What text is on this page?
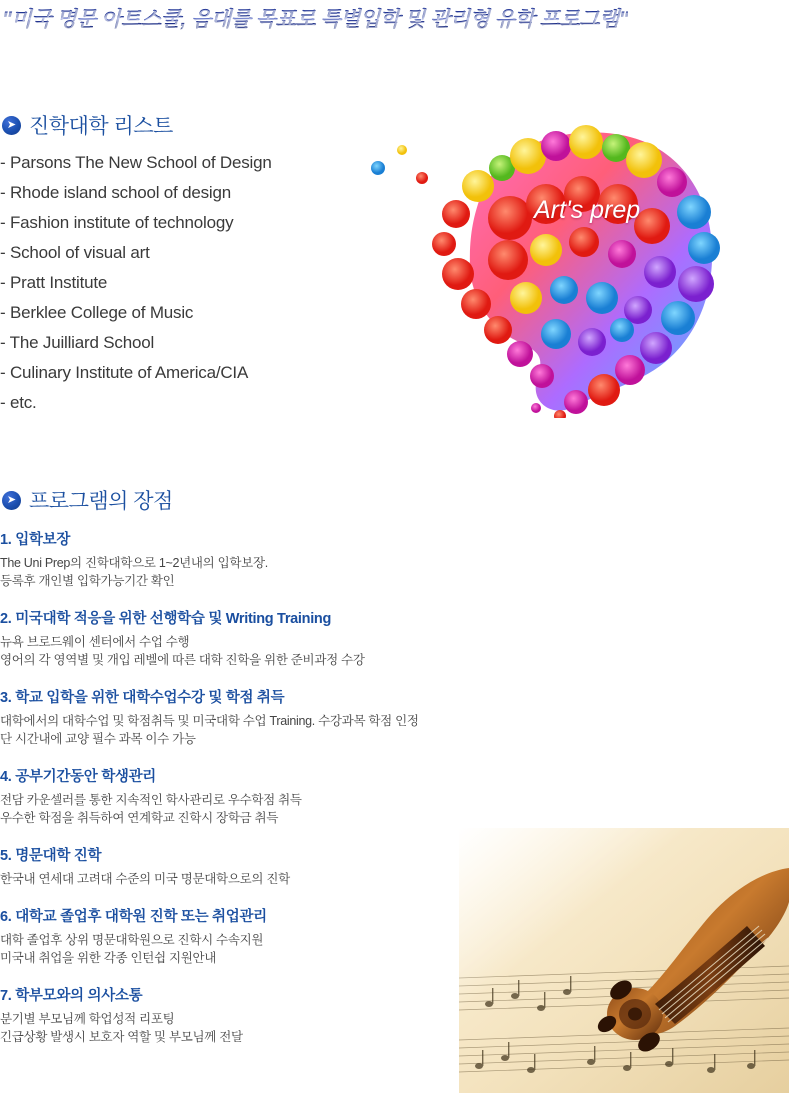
"미국 명문 아트스쿨, 음대를 목표로 특별입학 및 관리형 유학 프로그램"
➤ 진학대학 리스트
- Parsons The New School of Design
- Rhode island school of design
- Fashion institute of technology
- School of visual art
- Pratt Institute
- Berklee College of Music
- The Juilliard School
- Culinary Institute of America/CIA
- etc.
Art's prep
➤ 프로그램의 장점
1. 입학보장
The Uni Prep의 진학대학으로 1~2년내의 입학보장.
등록후 개인별 입학가능기간 확인
2. 미국대학 적응을 위한 선행학습 및 Writing Training
뉴욕 브로드웨이 센터에서 수업 수행
영어의 각 영역별 및 개입 레벨에 따른 대학 진학을 위한 준비과정 수강
3. 학교 입학을 위한 대학수업수강 및 학점 취득
대학에서의 대학수업 및 학점취득 및 미국대학 수업 Training. 수강과목 학점 인정
단 시간내에 교양 필수 과목 이수 가능
4. 공부기간동안 학생관리
전담 카운셀러를 통한 지속적인 학사관리로 우수학점 취득
우수한 학점을 취득하여 연계학교 진학시 장학금 취득
5. 명문대학 진학
한국내 연세대 고려대 수준의 미국 명문대학으로의 진학
6. 대학교 졸업후 대학원 진학 또는 취업관리
대학 졸업후 상위 명문대학원으로 진학시 수속지원
미국내 취업을 위한 각종 인턴쉽 지원안내
7. 학부모와의 의사소통
분기별 부모님께 학업성적 리포팅
긴급상황 발생시 보호자 역할 및 부모님께 전달
